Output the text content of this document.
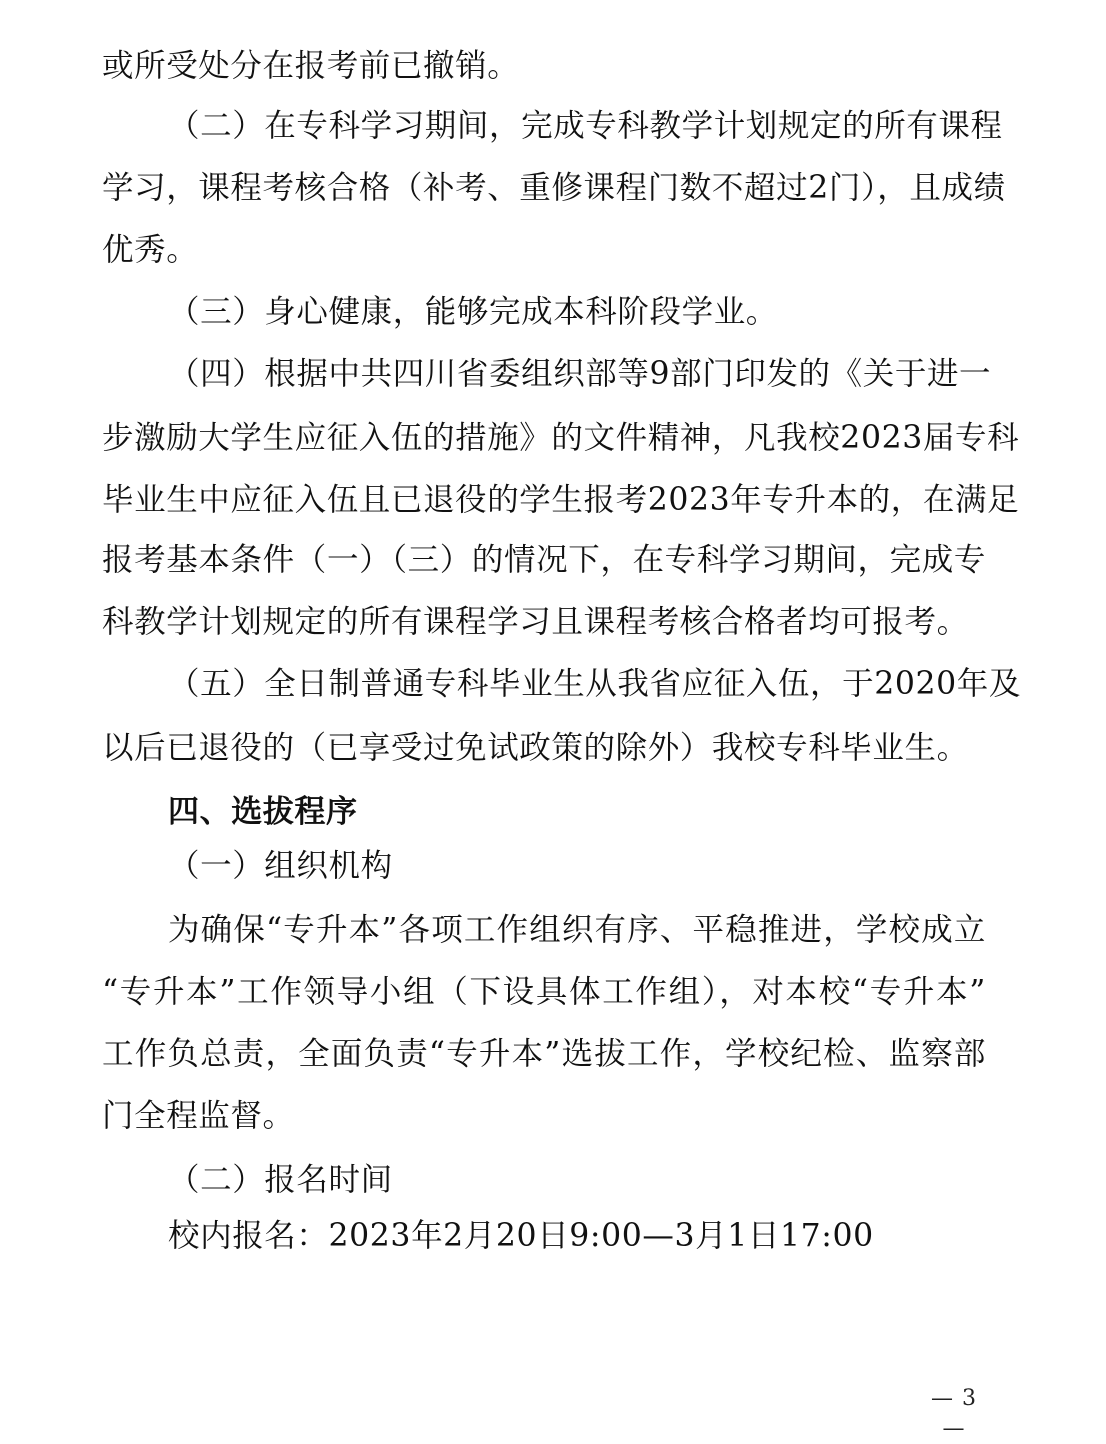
或所受处分在报考前已撤销。
（二）在专科学习期间，完成专科教学计划规定的所有课程
学习，课程考核合格（补考、重修课程门数不超过2门），且成绩
优秀。
（三）身心健康，能够完成本科阶段学业。
（四）根据中共四川省委组织部等9部门印发的《关于进一
步激励大学生应征入伍的措施》的文件精神，凡我校2023届专科
毕业生中应征入伍且已退役的学生报考2023年专升本的，在满足
报考基本条件（一）（三）的情况下，在专科学习期间，完成专
科教学计划规定的所有课程学习且课程考核合格者均可报考。
（五）全日制普通专科毕业生从我省应征入伍，于2020年及
以后已退役的（已享受过免试政策的除外）我校专科毕业生。
四、选拔程序
（一）组织机构
为确保“专升本”各项工作组织有序、平稳推进，学校成立
“专升本”工作领导小组（下设具体工作组），对本校“专升本”
工作负总责，全面负责“专升本”选拔工作，学校纪检、监察部
门全程监督。
（二）报名时间
校内报名：2023年2月20日9:00—3月1日17:00
— 3 —
